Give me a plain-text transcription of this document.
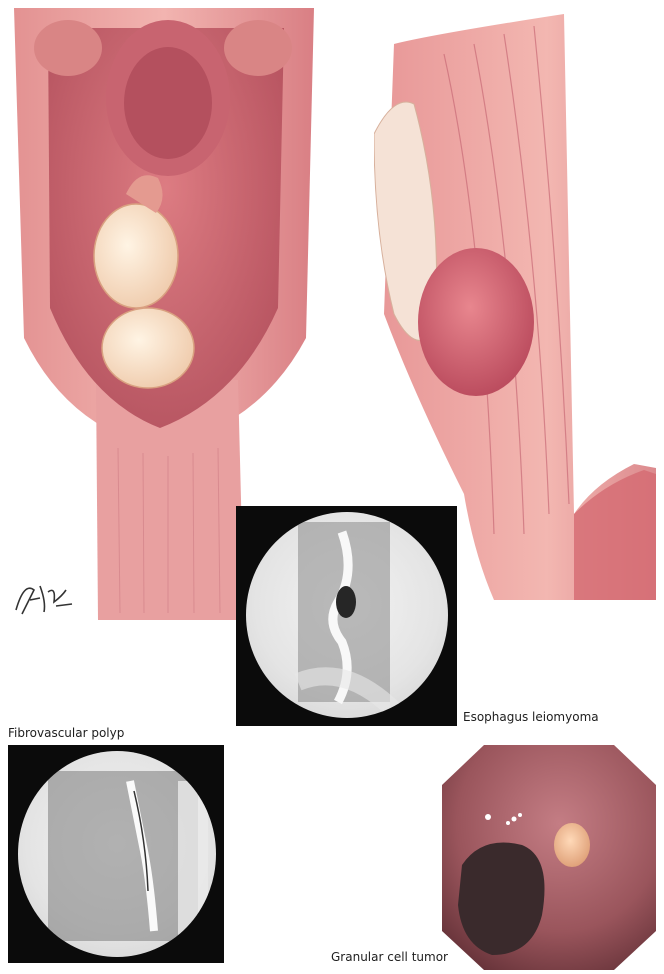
H: 80 %
F: 34 %
H: 80 %
F: 34 %
Fibrovascular polyp
Esophagus leiomyoma
Granular cell tumor
